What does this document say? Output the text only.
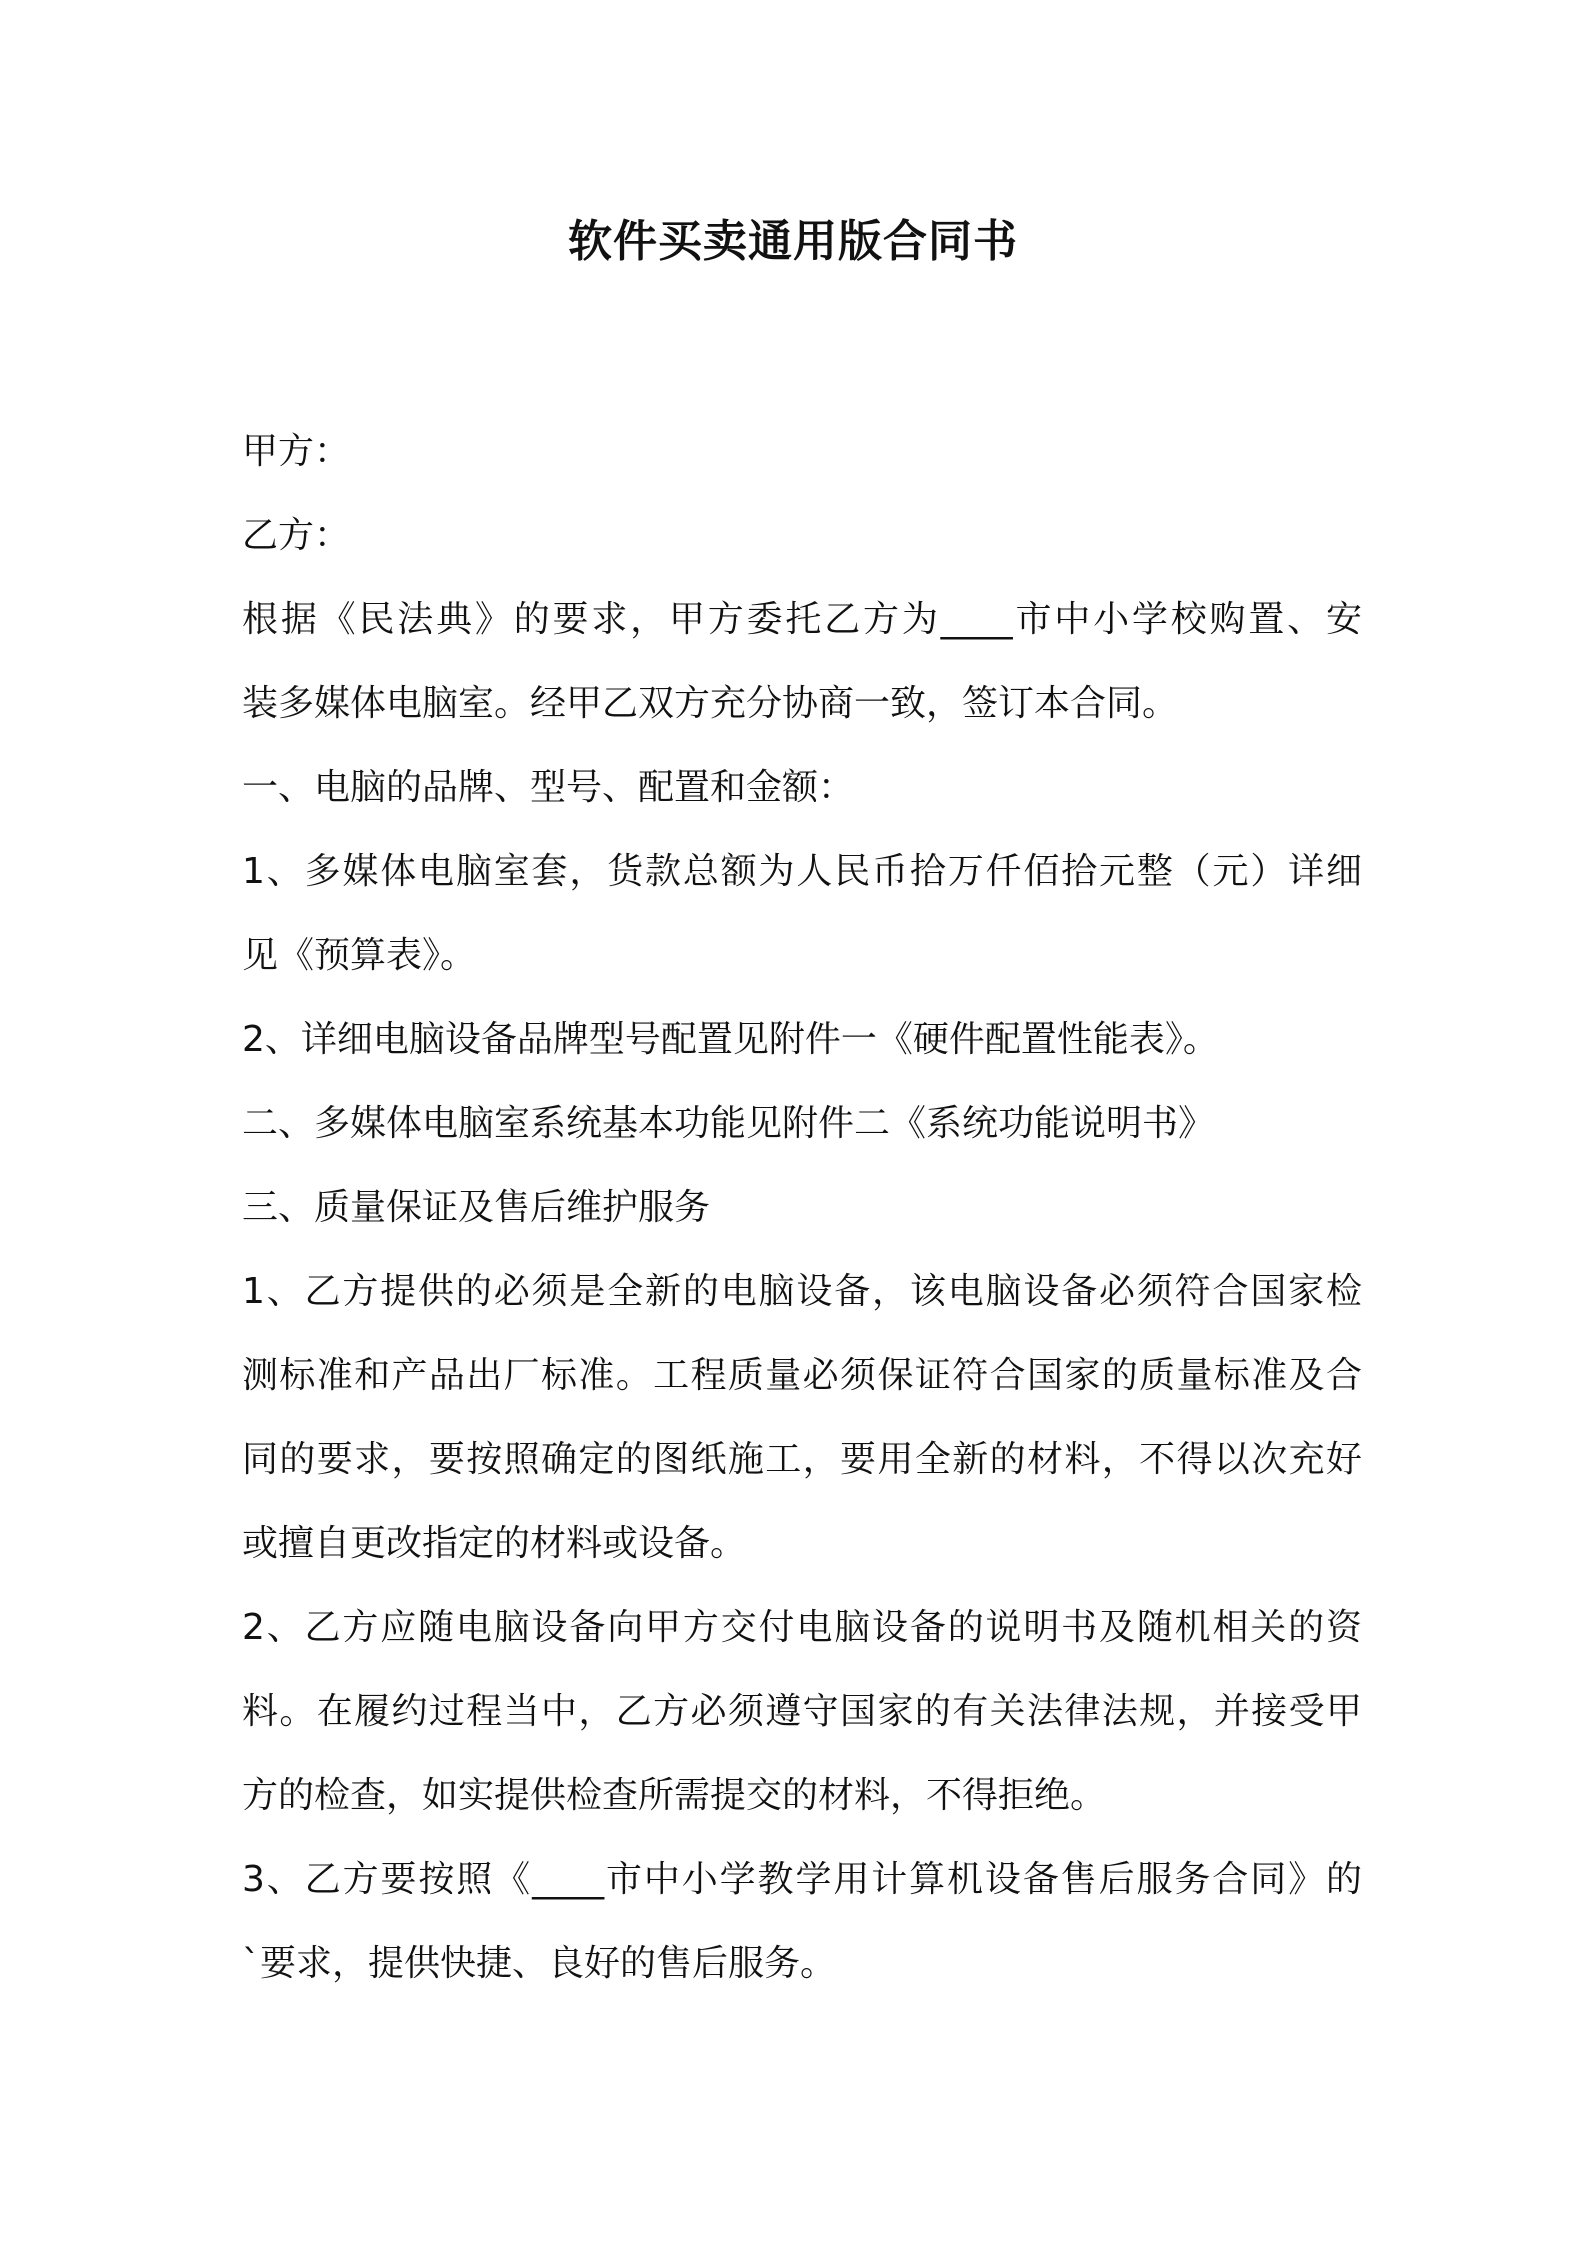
软件买卖通用版合同书

甲方：

乙方：

根据《民法典》的要求，甲方委托乙方为____市中小学校购置、安

装多媒体电脑室。经甲乙双方充分协商一致，签订本合同。

一、电脑的品牌、型号、配置和金额：

1、多媒体电脑室套，货款总额为人民币拾万仟佰拾元整（元）详细

见《预算表》。

2、详细电脑设备品牌型号配置见附件一《硬件配置性能表》。

二、多媒体电脑室系统基本功能见附件二《系统功能说明书》

三、质量保证及售后维护服务

1、乙方提供的必须是全新的电脑设备，该电脑设备必须符合国家检

测标准和产品出厂标准。工程质量必须保证符合国家的质量标准及合

同的要求，要按照确定的图纸施工，要用全新的材料，不得以次充好

或擅自更改指定的材料或设备。

2、乙方应随电脑设备向甲方交付电脑设备的说明书及随机相关的资

料。在履约过程当中，乙方必须遵守国家的有关法律法规，并接受甲

方的检查，如实提供检查所需提交的材料，不得拒绝。

3、乙方要按照《____市中小学教学用计算机设备售后服务合同》的

`要求，提供快捷、良好的售后服务。
